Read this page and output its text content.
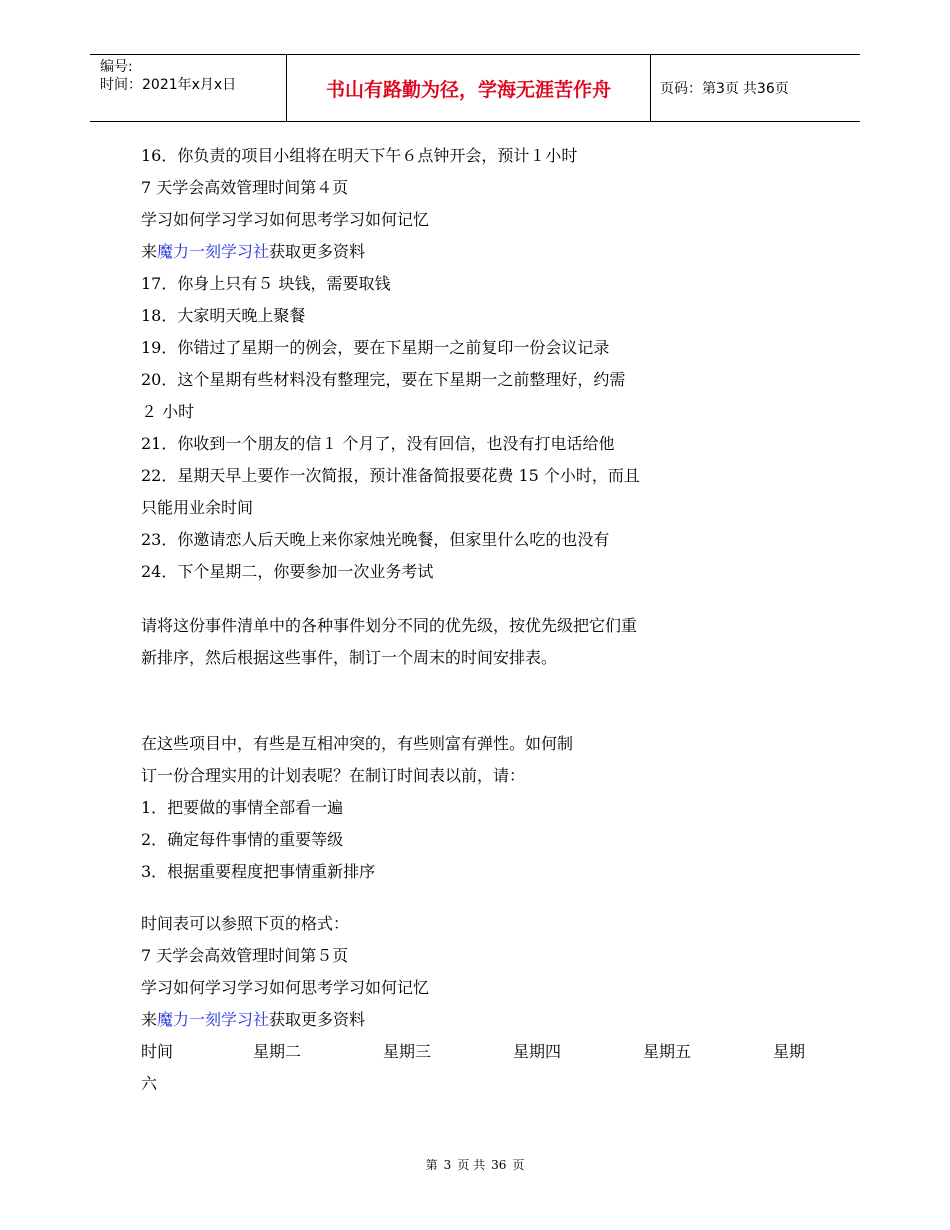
编号:
时间：2021年x月x日	书山有路勤为径，学海无涯苦作舟	页码：第3页 共36页
16．你负责的项目小组将在明天下午６点钟开会，预计１小时
7 天学会高效管理时间第４页
学习如何学习学习如何思考学习如何记忆
来魔力一刻学习社获取更多资料
17．你身上只有５ 块钱，需要取钱
18．大家明天晚上聚餐
19．你错过了星期一的例会，要在下星期一之前复印一份会议记录
20．这个星期有些材料没有整理完，要在下星期一之前整理好，约需
２ 小时
21．你收到一个朋友的信１ 个月了，没有回信，也没有打电话给他
22．星期天早上要作一次简报，预计准备简报要花费 15 个小时，而且
只能用业余时间
23．你邀请恋人后天晚上来你家烛光晚餐，但家里什么吃的也没有
24．下个星期二，你要参加一次业务考试
请将这份事件清单中的各种事件划分不同的优先级，按优先级把它们重
新排序，然后根据这些事件，制订一个周末的时间安排表。
在这些项目中，有些是互相冲突的，有些则富有弹性。如何制
订一份合理实用的计划表呢？在制订时间表以前，请：
1．把要做的事情全部看一遍
2．确定每件事情的重要等级
3．根据重要程度把事情重新排序
时间表可以参照下页的格式：
7 天学会高效管理时间第５页
学习如何学习学习如何思考学习如何记忆
来魔力一刻学习社获取更多资料
时间	星期二	星期三	星期四	星期五	星期
六
第 3 页 共 36 页
